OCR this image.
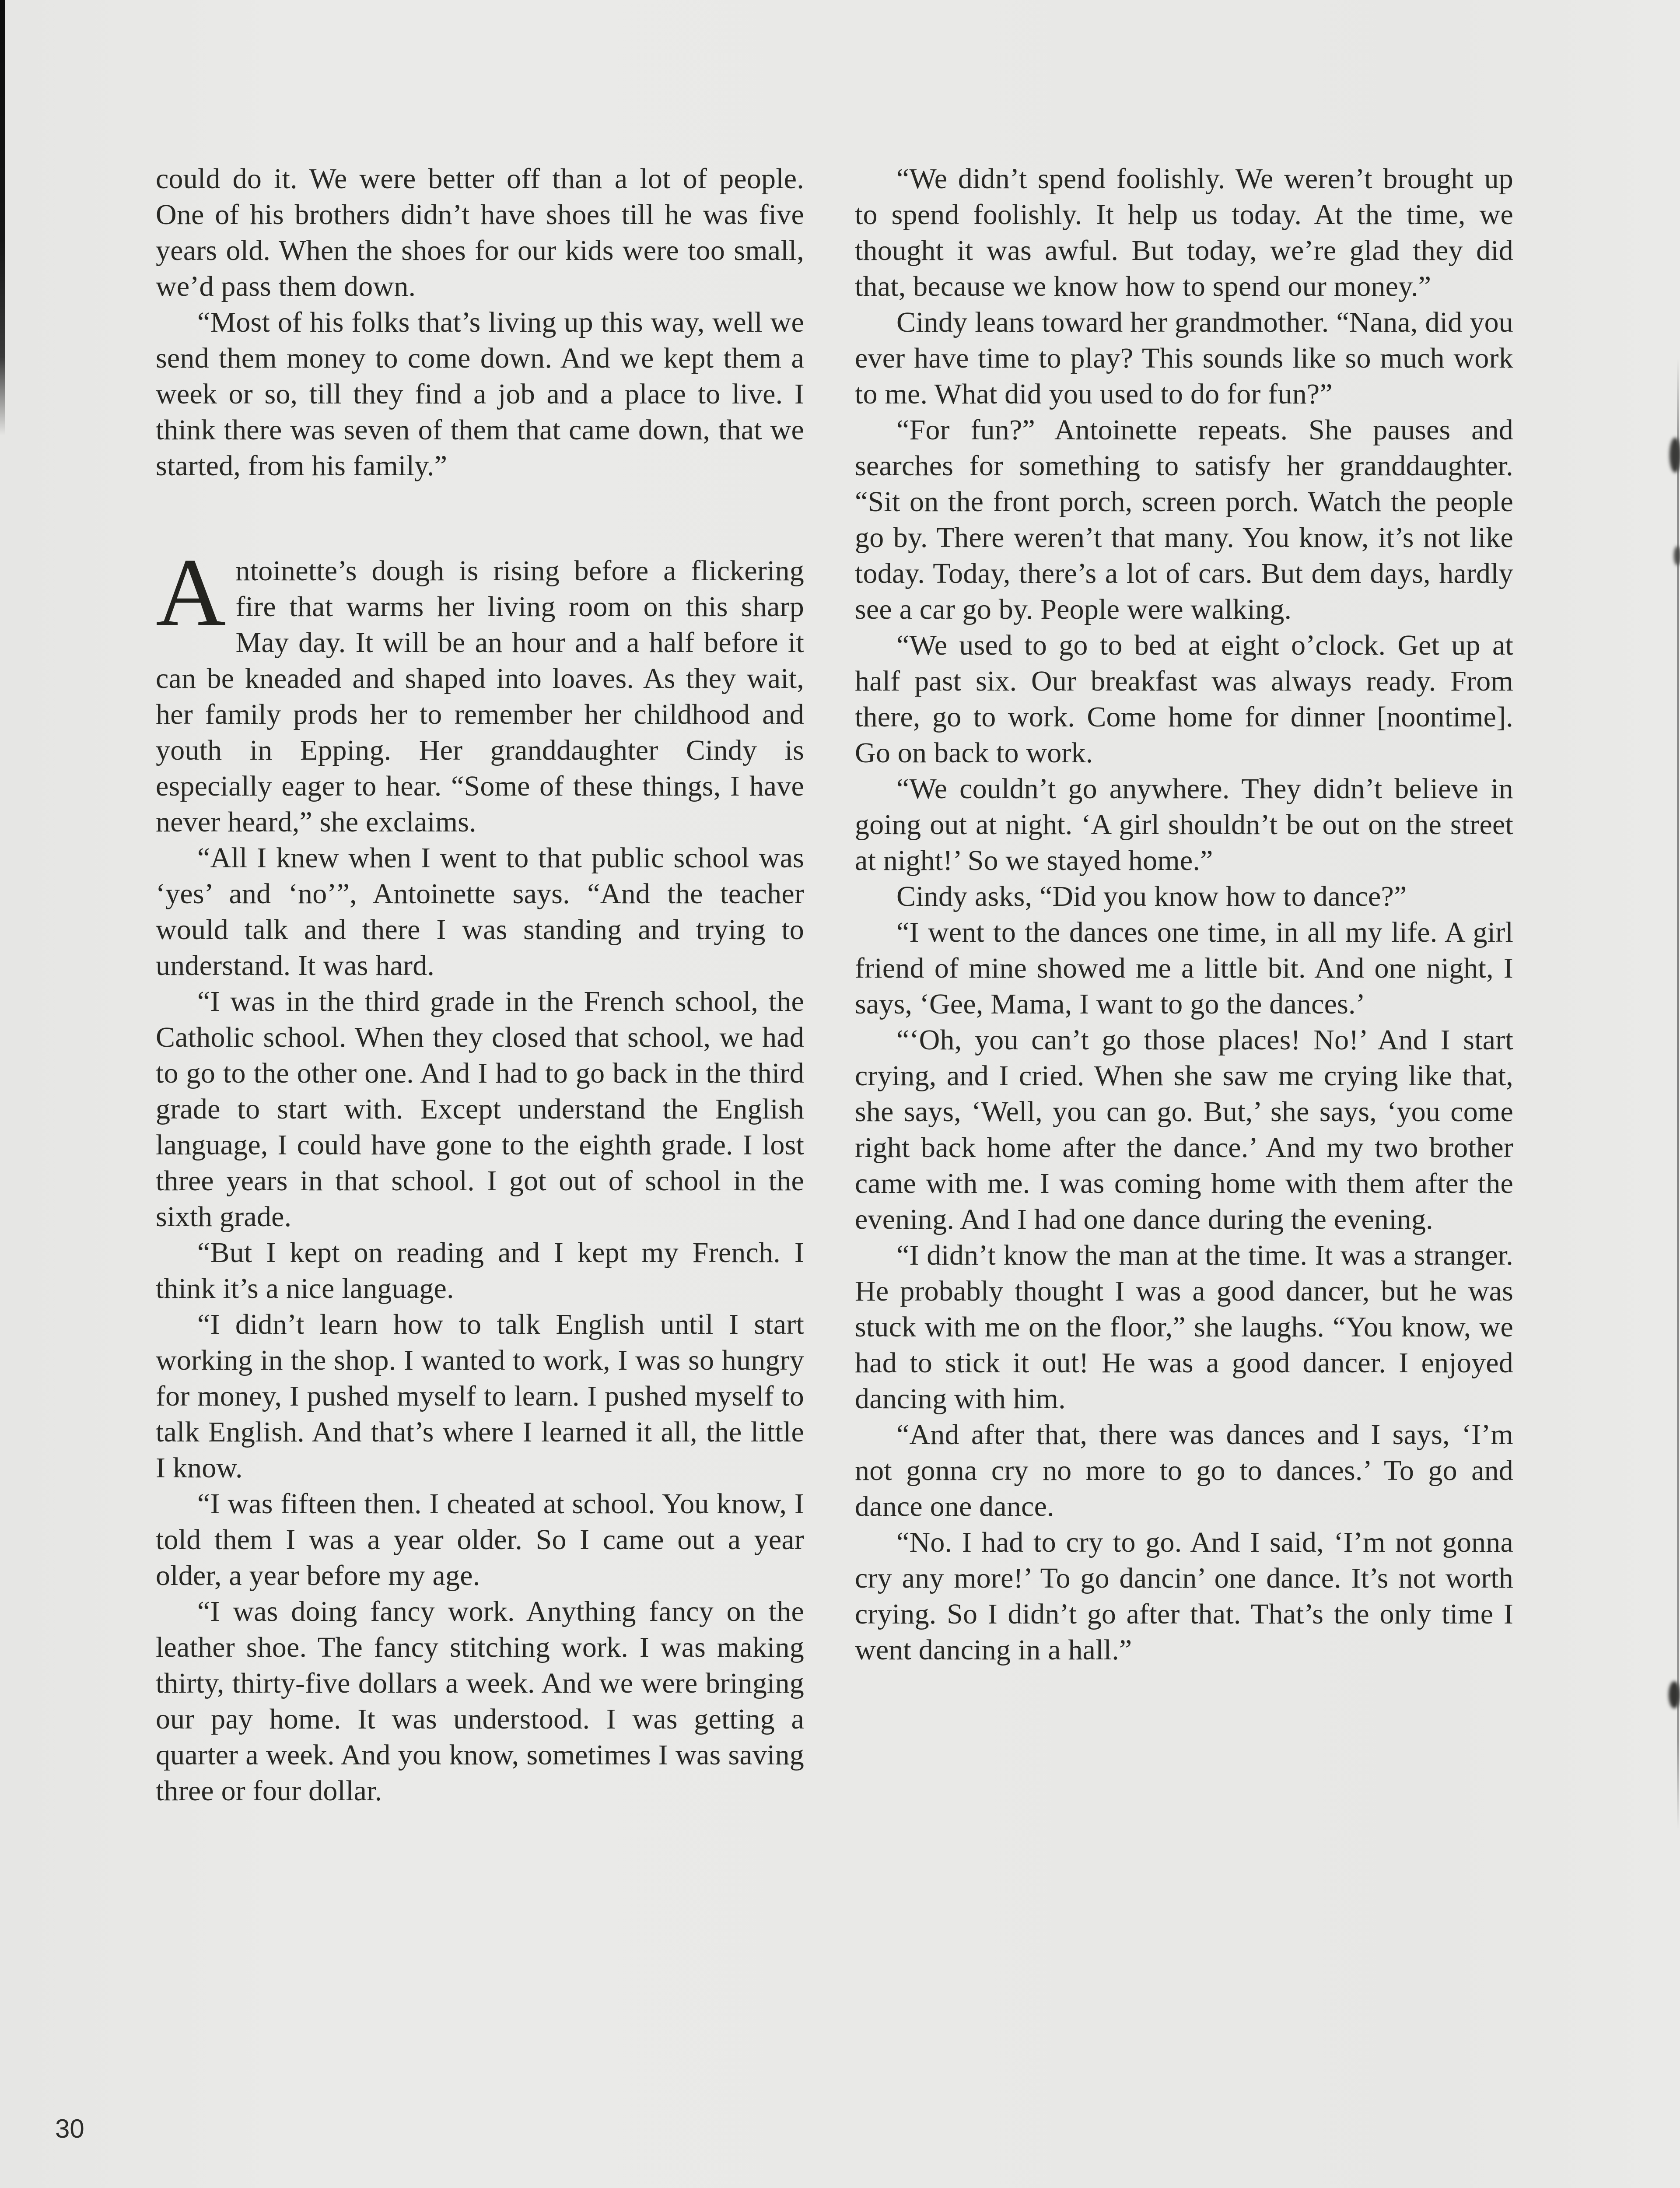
could do it. We were better off than a lot of people. One of his brothers didn’t have shoes till he was five years old. When the shoes for our kids were too small, we’d pass them down.

“Most of his folks that’s living up this way, well we send them money to come down. And we kept them a week or so, till they find a job and a place to live. I think there was seven of them that came down, that we started, from his family.”

Antoinette’s dough is rising before a flickering fire that warms her living room on this sharp May day. It will be an hour and a half before it can be kneaded and shaped into loaves. As they wait, her family prods her to remember her childhood and youth in Epping. Her granddaughter Cindy is especially eager to hear. “Some of these things, I have never heard,” she exclaims.

“All I knew when I went to that public school was ‘yes’ and ‘no’”, Antoinette says. “And the teacher would talk and there I was standing and trying to understand. It was hard.

“I was in the third grade in the French school, the Catholic school. When they closed that school, we had to go to the other one. And I had to go back in the third grade to start with. Except understand the English language, I could have gone to the eighth grade. I lost three years in that school. I got out of school in the sixth grade.

“But I kept on reading and I kept my French. I think it’s a nice language.

“I didn’t learn how to talk English until I start working in the shop. I wanted to work, I was so hungry for money, I pushed myself to learn. I pushed myself to talk English. And that’s where I learned it all, the little I know.

“I was fifteen then. I cheated at school. You know, I told them I was a year older. So I came out a year older, a year before my age.

“I was doing fancy work. Anything fancy on the leather shoe. The fancy stitching work. I was making thirty, thirty-five dollars a week. And we were bringing our pay home. It was understood. I was getting a quarter a week. And you know, sometimes I was saving three or four dollar.

“We didn’t spend foolishly. We weren’t brought up to spend foolishly. It help us today. At the time, we thought it was awful. But today, we’re glad they did that, because we know how to spend our money.”

Cindy leans toward her grandmother. “Nana, did you ever have time to play? This sounds like so much work to me. What did you used to do for fun?”

“For fun?” Antoinette repeats. She pauses and searches for something to satisfy her granddaughter. “Sit on the front porch, screen porch. Watch the people go by. There weren’t that many. You know, it’s not like today. Today, there’s a lot of cars. But dem days, hardly see a car go by. People were walking.

“We used to go to bed at eight o’clock. Get up at half past six. Our breakfast was always ready. From there, go to work. Come home for dinner [noontime]. Go on back to work.

“We couldn’t go anywhere. They didn’t believe in going out at night. ‘A girl shouldn’t be out on the street at night!’ So we stayed home.”

Cindy asks, “Did you know how to dance?”

“I went to the dances one time, in all my life. A girl friend of mine showed me a little bit. And one night, I says, ‘Gee, Mama, I want to go the dances.’

“‘Oh, you can’t go those places! No!’ And I start crying, and I cried. When she saw me crying like that, she says, ‘Well, you can go. But,’ she says, ‘you come right back home after the dance.’ And my two brother came with me. I was coming home with them after the evening. And I had one dance during the evening.

“I didn’t know the man at the time. It was a stranger. He probably thought I was a good dancer, but he was stuck with me on the floor,” she laughs. “You know, we had to stick it out! He was a good dancer. I enjoyed dancing with him.

“And after that, there was dances and I says, ‘I’m not gonna cry no more to go to dances.’ To go and dance one dance.

“No. I had to cry to go. And I said, ‘I’m not gonna cry any more!’ To go dancin’ one dance. It’s not worth crying. So I didn’t go after that. That’s the only time I went dancing in a hall.”

30
